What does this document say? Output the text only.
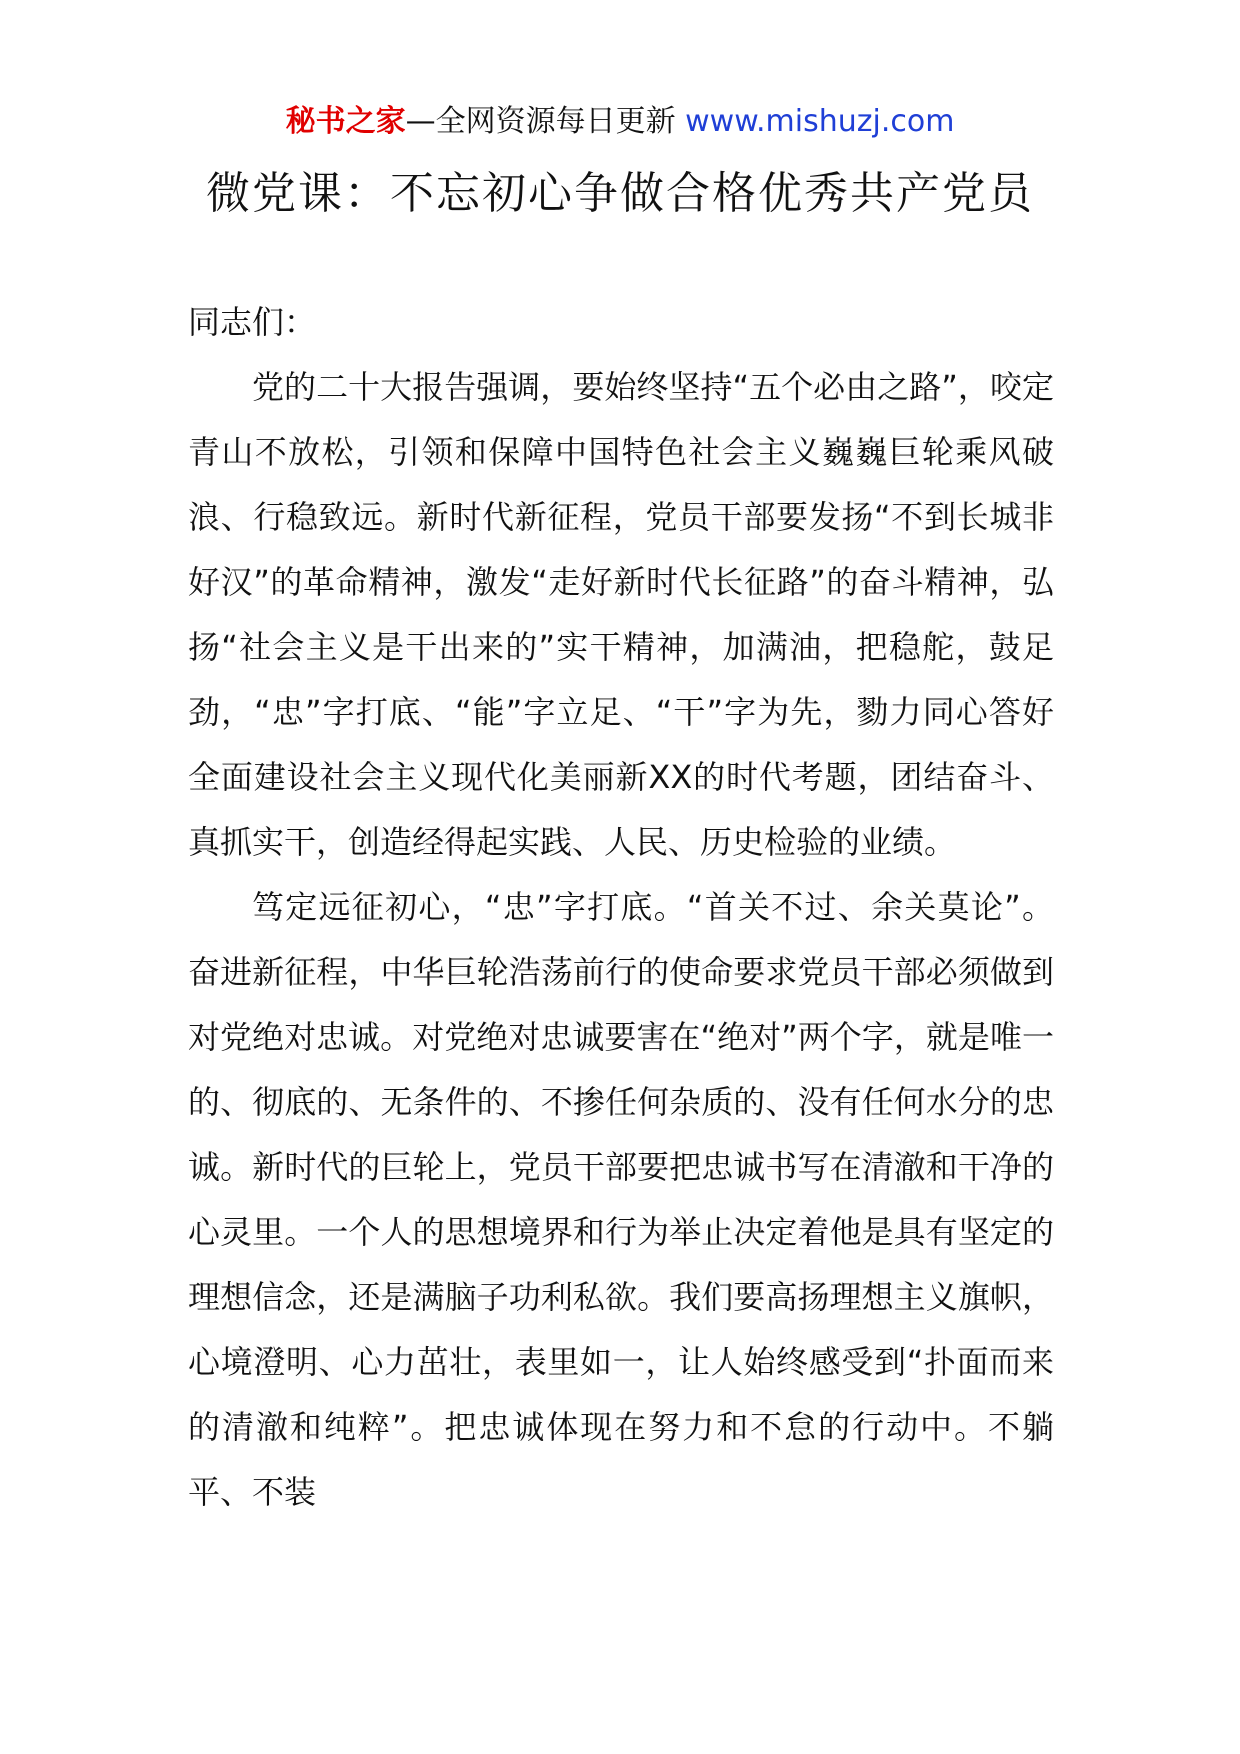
秘书之家—全网资源每日更新 www.mishuzj.com
微党课：不忘初心争做合格优秀共产党员

同志们：

党的二十大报告强调，要始终坚持“五个必由之路”，咬定青山不放松，引领和保障中国特色社会主义巍巍巨轮乘风破浪、行稳致远。新时代新征程，党员干部要发扬“不到长城非好汉”的革命精神，激发“走好新时代长征路”的奋斗精神，弘扬“社会主义是干出来的”实干精神，加满油，把稳舵，鼓足劲，“忠”字打底、“能”字立足、“干”字为先，勠力同心答好全面建设社会主义现代化美丽新XX的时代考题，团结奋斗、真抓实干，创造经得起实践、人民、历史检验的业绩。

笃定远征初心，“忠”字打底。“首关不过、余关莫论”。奋进新征程，中华巨轮浩荡前行的使命要求党员干部必须做到对党绝对忠诚。对党绝对忠诚要害在“绝对”两个字，就是唯一的、彻底的、无条件的、不掺任何杂质的、没有任何水分的忠诚。新时代的巨轮上，党员干部要把忠诚书写在清澈和干净的心灵里。一个人的思想境界和行为举止决定着他是具有坚定的理想信念，还是满脑子功利私欲。我们要高扬理想主义旗帜，心境澄明、心力茁壮，表里如一，让人始终感受到“扑面而来的清澈和纯粹”。把忠诚体现在努力和不怠的行动中。不躺平、不装
